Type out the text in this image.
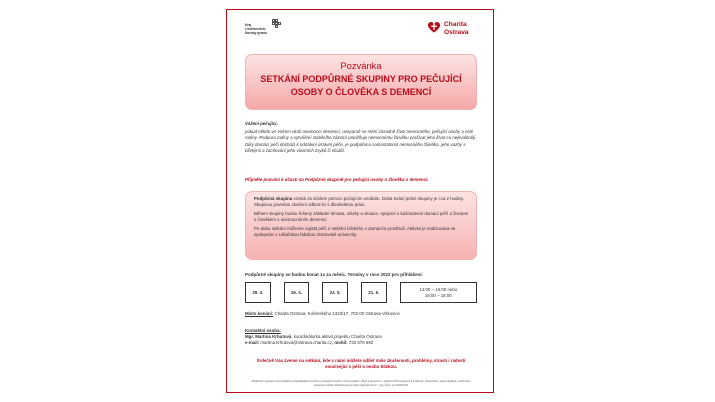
Kraj
Liechtenstein
Norway grants
Charita
Ostrava
Pozvánka
SETKÁNÍ PODPŮRNÉ SKUPINY PRO PEČUJÍCÍ OSOBY O ČLOVĚKA S DEMENCÍ
Vážení pečující,
pokud někdo ve Vašem okolí onemocní demencí, nesporně se mění zásadně život nemocného, pečující osoby a celé rodiny. Podpora rodiny a vytváření stabilního zázemí umožňuje nemocnému člověku prožívat jeho život co nejkvalitněji. Díky domácí péči dochází k oddálení ústavní péče, je podpořena samostatnost nemocného člověka, jeho vazby s blízkými a zachování jeho vlastních zvyků či rituálů.
Přijměte pozvání k účasti na Podpůrné skupině pro pečující osoby o člověka s demencí.

Podpůrná skupina vzniká za účelem pomoci pečujícím osobám. Doba trvání jedné skupiny je cca 2 hodiny. Skupinou povedou zkušení odborníci s dlouholetou praxí.

Během skupiny budou řešeny základní témata, otázky a situace, spojené s každodenní domácí péčí a životem s člověkem s onemocněním demencí.

Po dobu setkání můžeme zajistit péči o Vašeho blízkého v domácím prostředí. Aktivita je realizována ve spolupráci s Lékařskou fakultou Ostravské univerzity.

Podpůrné skupiny se budou konat 1x za měsíc. Termíny v roce 2022 pro přihlášení:
29. 3.		26. 4.		24. 5.		21. 6.		
14:00 – 16:00 nebo
16:00 – 18:00
Místo konání: Charita Ostrava, Kořenského 1323/17, 703 00 Ostrava-Vítkovice
Kontaktní osoba:
Mgr. Martina Krhutová, koordinátorka aktivit projektu Charita Ostrava
e-mail: martina.krhutova@ostrava.charita.cz, mobil: 733 676 692
Srdečně Vás zveme na setkání, kde s námi můžete sdílet Vaše zkušenosti, problémy, strasti i radosti související s péčí o osobu blízkou.
Podpořeno grantem z Evropského hospodářského prostoru a Norských fondů v rámci projektu „Žené a demence – zvýšení informovanosti a možností, přizvečnění, časná detekce, možnostmi prevence a léčby Alzheimerovy a jiných typů demencí" r. reg. Číslo: LH-HN01-007
